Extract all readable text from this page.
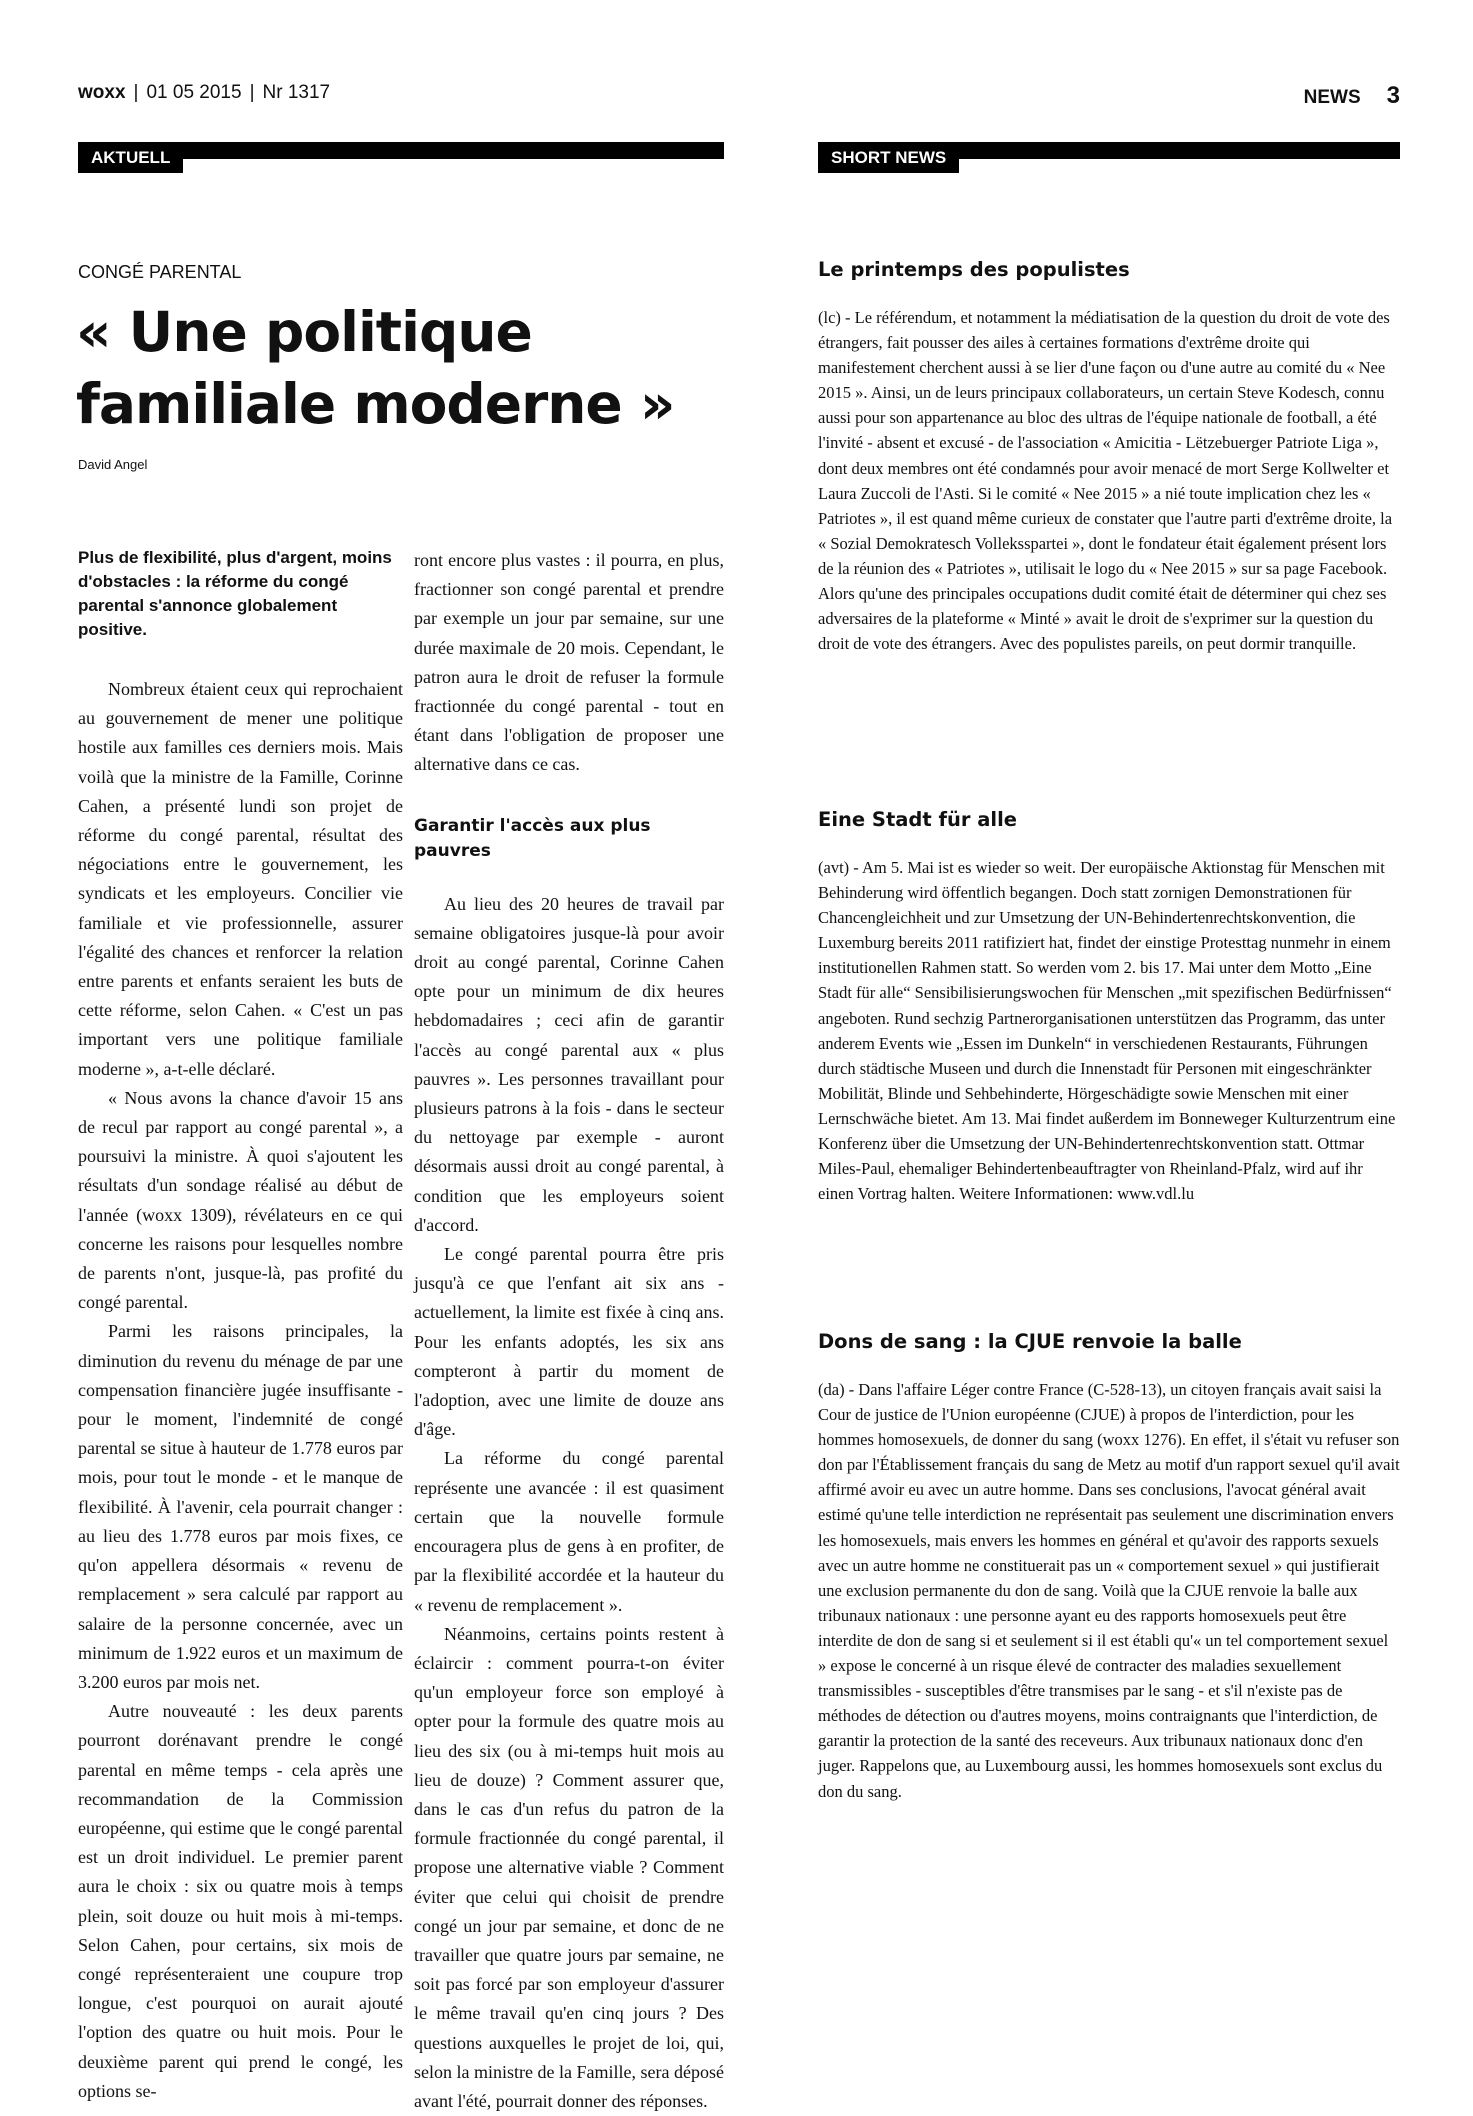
woxx | 01 05 2015 | Nr 1317	NEWS 3
AKTUELL	SHORT NEWS
CONGÉ PARENTAL
« Une politique familiale moderne »
David Angel
Plus de flexibilité, plus d'argent, moins d'obstacles : la réforme du congé parental s'annonce globalement positive.

Nombreux étaient ceux qui reprochaient au gouvernement de mener une politique hostile aux familles ces derniers mois. Mais voilà que la ministre de la Famille, Corinne Cahen, a présenté lundi son projet de réforme du congé parental, résultat des négociations entre le gouvernement, les syndicats et les employeurs. Concilier vie familiale et vie professionnelle, assurer l'égalité des chances et renforcer la relation entre parents et enfants seraient les buts de cette réforme, selon Cahen. « C'est un pas important vers une politique familiale moderne », a-t-elle déclaré.

« Nous avons la chance d'avoir 15 ans de recul par rapport au congé parental », a poursuivi la ministre. À quoi s'ajoutent les résultats d'un sondage réalisé au début de l'année (woxx 1309), révélateurs en ce qui concerne les raisons pour lesquelles nombre de parents n'ont, jusque-là, pas profité du congé parental.

Parmi les raisons principales, la diminution du revenu du ménage de par une compensation financière jugée insuffisante - pour le moment, l'indemnité de congé parental se situe à hauteur de 1.778 euros par mois, pour tout le monde - et le manque de flexibilité. À l'avenir, cela pourrait changer : au lieu des 1.778 euros par mois fixes, ce qu'on appellera désormais « revenu de remplacement » sera calculé par rapport au salaire de la personne concernée, avec un minimum de 1.922 euros et un maximum de 3.200 euros par mois net.

Autre nouveauté : les deux parents pourront dorénavant prendre le congé parental en même temps - cela après une recommandation de la Commission européenne, qui estime que le congé parental est un droit individuel. Le premier parent aura le choix : six ou quatre mois à temps plein, soit douze ou huit mois à mi-temps. Selon Cahen, pour certains, six mois de congé représenteraient une coupure trop longue, c'est pourquoi on aurait ajouté l'option des quatre ou huit mois. Pour le deuxième parent qui prend le congé, les options se-

ront encore plus vastes : il pourra, en plus, fractionner son congé parental et prendre par exemple un jour par semaine, sur une durée maximale de 20 mois. Cependant, le patron aura le droit de refuser la formule fractionnée du congé parental - tout en étant dans l'obligation de proposer une alternative dans ce cas.

Garantir l'accès aux plus pauvres

Au lieu des 20 heures de travail par semaine obligatoires jusque-là pour avoir droit au congé parental, Corinne Cahen opte pour un minimum de dix heures hebdomadaires ; ceci afin de garantir l'accès au congé parental aux « plus pauvres ». Les personnes travaillant pour plusieurs patrons à la fois - dans le secteur du nettoyage par exemple - auront désormais aussi droit au congé parental, à condition que les employeurs soient d'accord.

Le congé parental pourra être pris jusqu'à ce que l'enfant ait six ans - actuellement, la limite est fixée à cinq ans. Pour les enfants adoptés, les six ans compteront à partir du moment de l'adoption, avec une limite de douze ans d'âge.

La réforme du congé parental représente une avancée : il est quasiment certain que la nouvelle formule encouragera plus de gens à en profiter, de par la flexibilité accordée et la hauteur du « revenu de remplacement ».

Néanmoins, certains points restent à éclaircir : comment pourra-t-on éviter qu'un employeur force son employé à opter pour la formule des quatre mois au lieu des six (ou à mi-temps huit mois au lieu de douze) ? Comment assurer que, dans le cas d'un refus du patron de la formule fractionnée du congé parental, il propose une alternative viable ? Comment éviter que celui qui choisit de prendre congé un jour par semaine, et donc de ne travailler que quatre jours par semaine, ne soit pas forcé par son employeur d'assurer le même travail qu'en cinq jours ? Des questions auxquelles le projet de loi, qui, selon la ministre de la Famille, sera déposé avant l'été, pourrait donner des réponses.

Le printemps des populistes

(lc) - Le référendum, et notamment la médiatisation de la question du droit de vote des étrangers, fait pousser des ailes à certaines formations d'extrême droite qui manifestement cherchent aussi à se lier d'une façon ou d'une autre au comité du « Nee 2015 ». Ainsi, un de leurs principaux collaborateurs, un certain Steve Kodesch, connu aussi pour son appartenance au bloc des ultras de l'équipe nationale de football, a été l'invité - absent et excusé - de l'association « Amicitia - Lëtzebuerger Patriote Liga », dont deux membres ont été condamnés pour avoir menacé de mort Serge Kollwelter et Laura Zuccoli de l'Asti. Si le comité « Nee 2015 » a nié toute implication chez les « Patriotes », il est quand même curieux de constater que l'autre parti d'extrême droite, la « Sozial Demokratesch Volleksspartei », dont le fondateur était également présent lors de la réunion des « Patriotes », utilisait le logo du « Nee 2015 » sur sa page Facebook. Alors qu'une des principales occupations dudit comité était de déterminer qui chez ses adversaires de la plateforme « Minté » avait le droit de s'exprimer sur la question du droit de vote des étrangers. Avec des populistes pareils, on peut dormir tranquille.

Eine Stadt für alle

(avt) - Am 5. Mai ist es wieder so weit. Der europäische Aktionstag für Menschen mit Behinderung wird öffentlich begangen. Doch statt zornigen Demonstrationen für Chancengleichheit und zur Umsetzung der UN-Behindertenrechtskonvention, die Luxemburg bereits 2011 ratifiziert hat, findet der einstige Protesttag nunmehr in einem institutionellen Rahmen statt. So werden vom 2. bis 17. Mai unter dem Motto „Eine Stadt für alle“ Sensibilisierungswochen für Menschen „mit spezifischen Bedürfnissen“ angeboten. Rund sechzig Partnerorganisationen unterstützen das Programm, das unter anderem Events wie „Essen im Dunkeln“ in verschiedenen Restaurants, Führungen durch städtische Museen und durch die Innenstadt für Personen mit eingeschränkter Mobilität, Blinde und Sehbehinderte, Hörgeschädigte sowie Menschen mit einer Lernschwäche bietet. Am 13. Mai findet außerdem im Bonneweger Kulturzentrum eine Konferenz über die Umsetzung der UN-Behindertenrechtskonvention statt. Ottmar Miles-Paul, ehemaliger Behindertenbeauftragter von Rheinland-Pfalz, wird auf ihr einen Vortrag halten. Weitere Informationen: www.vdl.lu

Dons de sang : la CJUE renvoie la balle

(da) - Dans l'affaire Léger contre France (C-528-13), un citoyen français avait saisi la Cour de justice de l'Union européenne (CJUE) à propos de l'interdiction, pour les hommes homosexuels, de donner du sang (woxx 1276). En effet, il s'était vu refuser son don par l'Établissement français du sang de Metz au motif d'un rapport sexuel qu'il avait affirmé avoir eu avec un autre homme. Dans ses conclusions, l'avocat général avait estimé qu'une telle interdiction ne représentait pas seulement une discrimination envers les homosexuels, mais envers les hommes en général et qu'avoir des rapports sexuels avec un autre homme ne constituerait pas un « comportement sexuel » qui justifierait une exclusion permanente du don de sang. Voilà que la CJUE renvoie la balle aux tribunaux nationaux : une personne ayant eu des rapports homosexuels peut être interdite de don de sang si et seulement si il est établi qu'« un tel comportement sexuel » expose le concerné à un risque élevé de contracter des maladies sexuellement transmissibles - susceptibles d'être transmises par le sang - et s'il n'existe pas de méthodes de détection ou d'autres moyens, moins contraignants que l'interdiction, de garantir la protection de la santé des receveurs. Aux tribunaux nationaux donc d'en juger. Rappelons que, au Luxembourg aussi, les hommes homosexuels sont exclus du don du sang.
